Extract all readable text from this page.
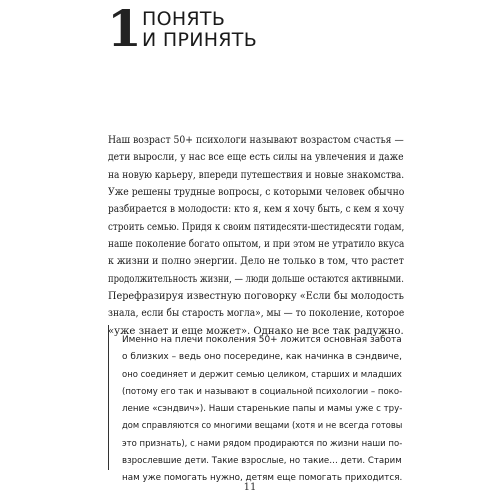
1 ПОНЯТЬ
И ПРИНЯТЬ
Наш возраст 50+ психологи называют возрастом счастья —
дети выросли, у нас все еще есть силы на увлечения и даже
на новую карьеру, впереди путешествия и новые знакомства.
Уже решены трудные вопросы, с которыми человек обычно
разбирается в молодости: кто я, кем я хочу быть, с кем я хочу
строить семью. Придя к своим пятидесяти-шестидесяти годам,
наше поколение богато опытом, и при этом не утратило вкуса
к жизни и полно энергии. Дело не только в том, что растет
продолжительность жизни, — люди дольше остаются активными.
Перефразируя известную поговорку «Если бы молодость
знала, если бы старость могла», мы — то поколение, которое
«уже знает и еще может». Однако не все так радужно.
Именно на плечи поколения 50+ ложится основная забота
о близких – ведь оно посередине, как начинка в сэндвиче,
оно соединяет и держит семью целиком, старших и младших
(потому его так и называют в социальной психологии – поко-
ление «сэндвич»). Наши старенькие папы и мамы уже с тру-
дом справляются со многими вещами (хотя и не всегда готовы
это признать), с нами рядом продираются по жизни наши по-
взрослевшие дети. Такие взрослые, но такие… дети. Старим
нам уже помогать нужно, детям еще помогать приходится.
11
